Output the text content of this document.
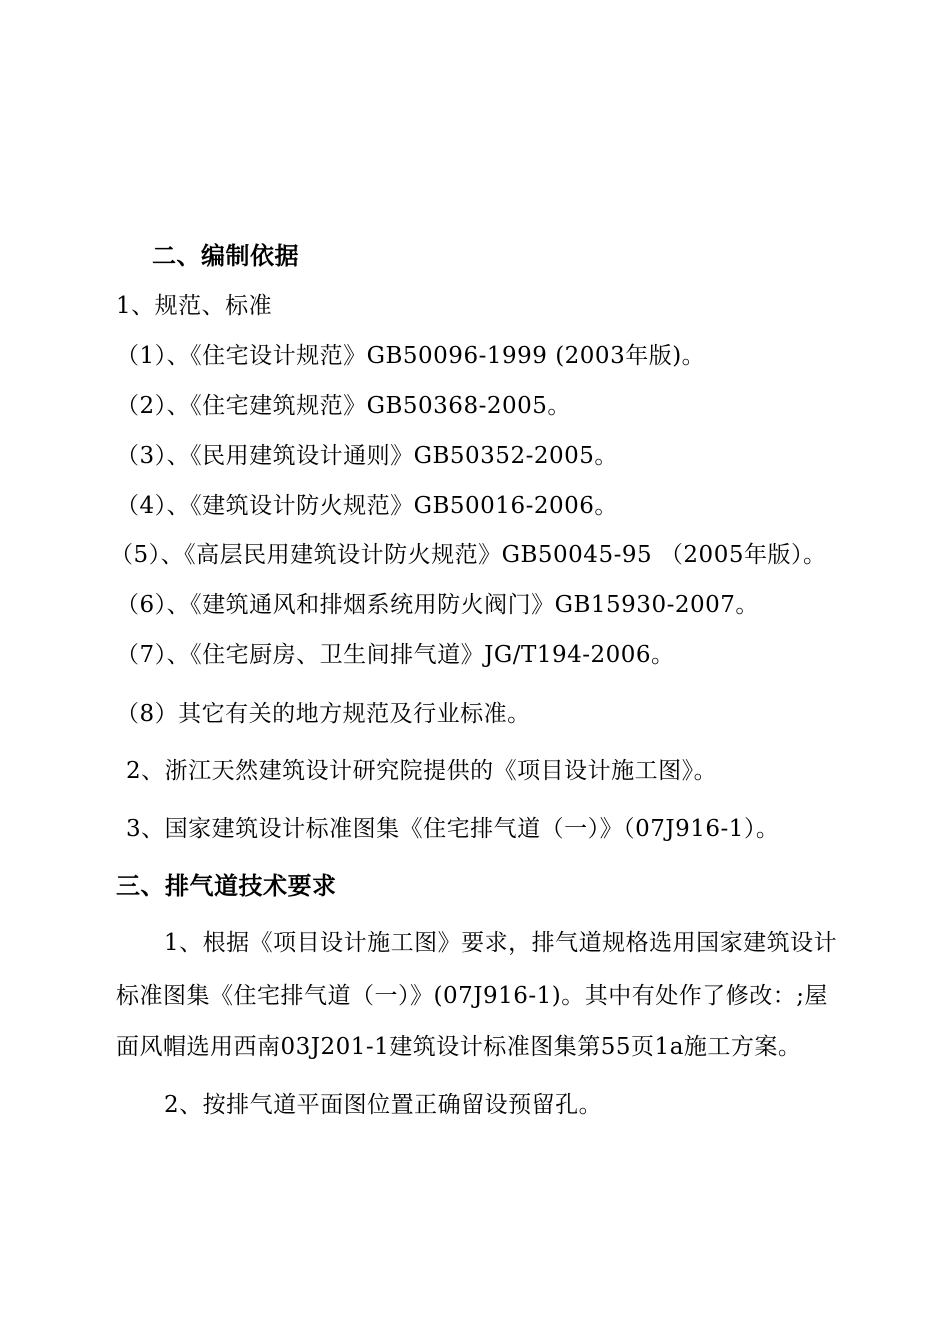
二、编制依据
1、规范、标准
（1）、《住宅设计规范》GB50096-1999 (2003年版)。
（2）、《住宅建筑规范》GB50368-2005。
（3）、《民用建筑设计通则》GB50352-2005。
（4）、《建筑设计防火规范》GB50016-2006。
（5）、《高层民用建筑设计防火规范》GB50045-95 （2005年版）。
（6）、《建筑通风和排烟系统用防火阀门》GB15930-2007。
（7）、《住宅厨房、卫生间排气道》JG/T194-2006。
（8）其它有关的地方规范及行业标准。
2、浙江天然建筑设计研究院提供的《项目设计施工图》。
3、国家建筑设计标准图集《住宅排气道（一）》（07J916-1）。
三、排气道技术要求
1、根据《项目设计施工图》要求，排气道规格选用国家建筑设计
标准图集《住宅排气道（一）》(07J916-1)。其中有处作了修改：;屋
面风帽选用西南03J201-1建筑设计标准图集第55页1a施工方案。
2、按排气道平面图位置正确留设预留孔。
